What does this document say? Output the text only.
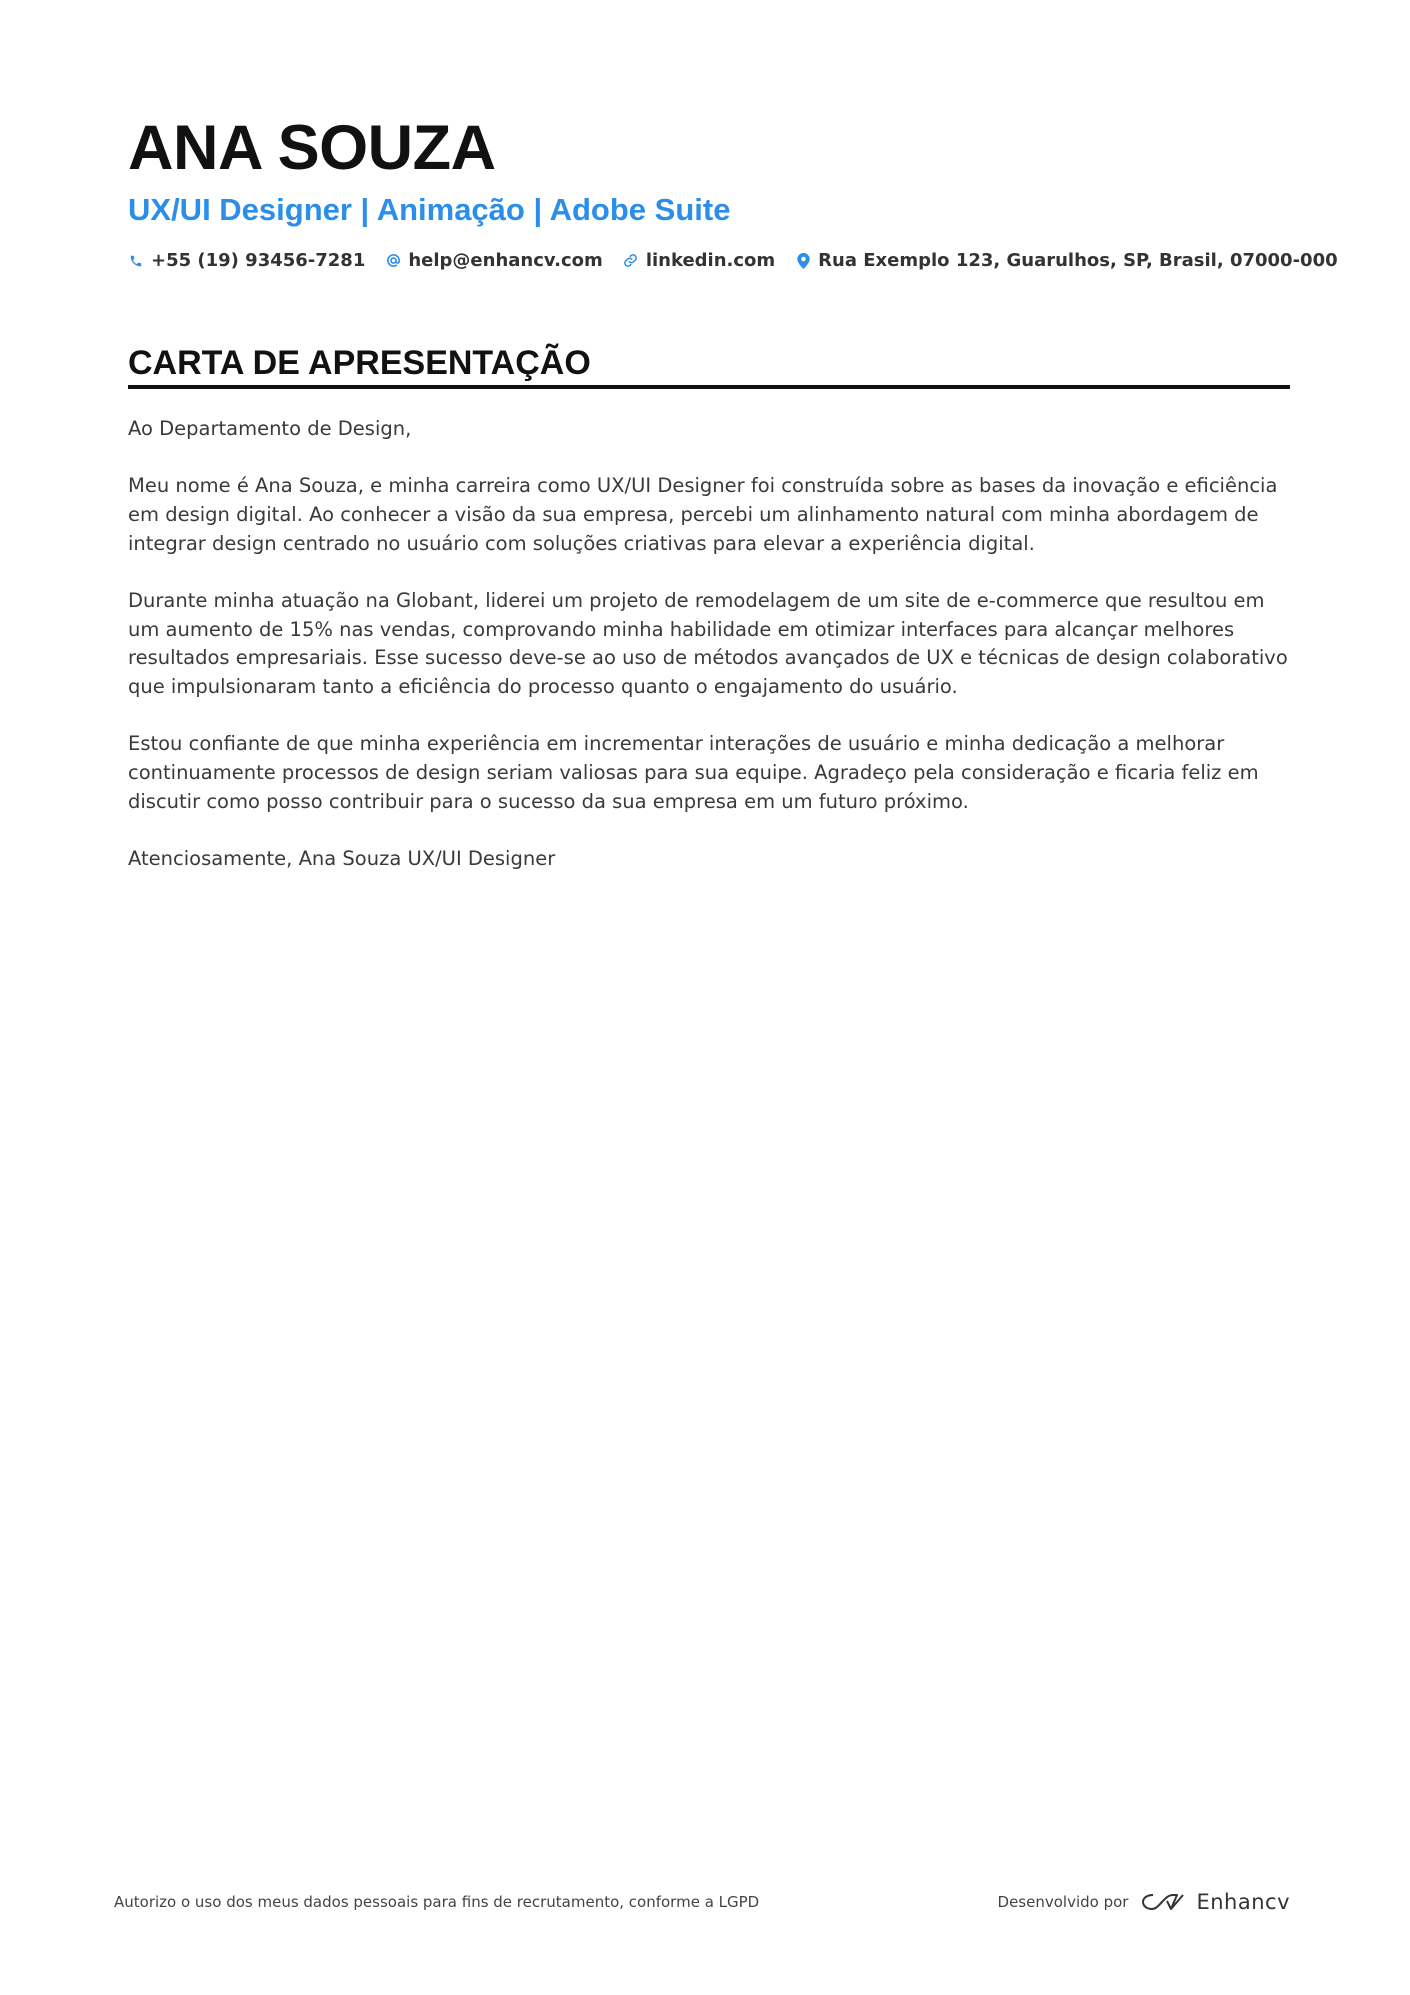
ANA SOUZA
UX/UI Designer | Animação | Adobe Suite
+55 (19) 93456-7281 help@enhancv.com linkedin.com Rua Exemplo 123, Guarulhos, SP, Brasil, 07000-000
CARTA DE APRESENTAÇÃO

Ao Departamento de Design,

Meu nome é Ana Souza, e minha carreira como UX/UI Designer foi construída sobre as bases da inovação e eficiência em design digital. Ao conhecer a visão da sua empresa, percebi um alinhamento natural com minha abordagem de integrar design centrado no usuário com soluções criativas para elevar a experiência digital.

Durante minha atuação na Globant, liderei um projeto de remodelagem de um site de e-commerce que resultou em um aumento de 15% nas vendas, comprovando minha habilidade em otimizar interfaces para alcançar melhores resultados empresariais. Esse sucesso deve-se ao uso de métodos avançados de UX e técnicas de design colaborativo que impulsionaram tanto a eficiência do processo quanto o engajamento do usuário.

Estou confiante de que minha experiência em incrementar interações de usuário e minha dedicação a melhorar continuamente processos de design seriam valiosas para sua equipe. Agradeço pela consideração e ficaria feliz em discutir como posso contribuir para o sucesso da sua empresa em um futuro próximo.

Atenciosamente, Ana Souza UX/UI Designer

Autorizo o uso dos meus dados pessoais para fins de recrutamento, conforme a LGPD	Desenvolvido por	Enhancv
